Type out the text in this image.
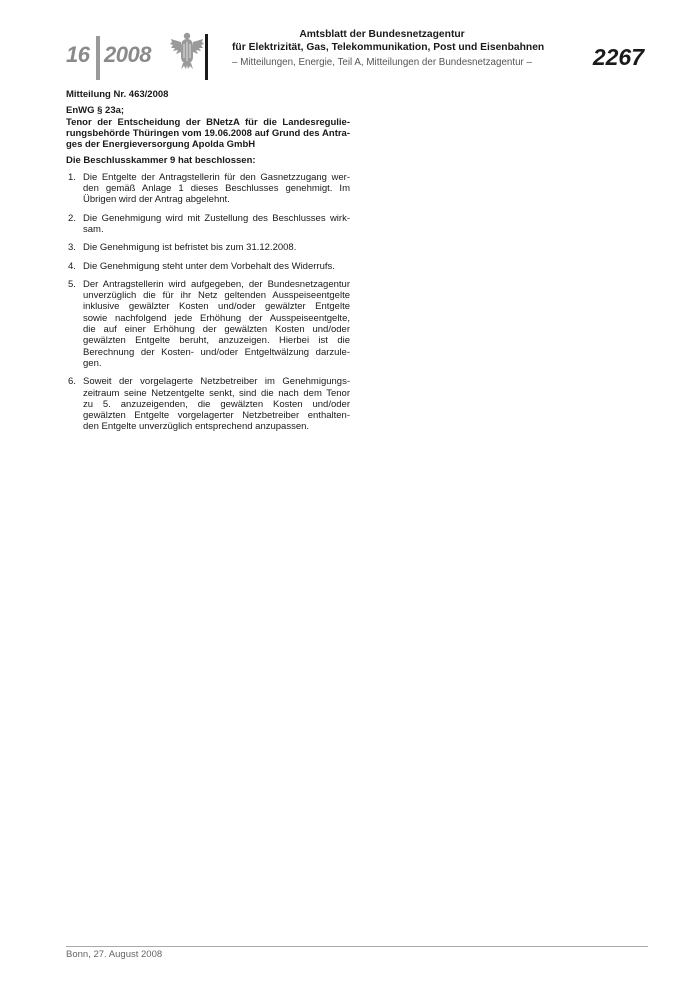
16 2008
Amtsblatt der Bundesnetzagentur
für Elektrizität, Gas, Telekommunikation, Post und Eisenbahnen
– Mitteilungen, Energie, Teil A, Mitteilungen der Bundesnetzagentur –	2267
Mitteilung Nr. 463/2008
EnWG § 23a;
Tenor der Entscheidung der BNetzA für die Landesregulie-
rungsbehörde Thüringen vom 19.06.2008 auf Grund des Antra-
ges der Energieversorgung Apolda GmbH
Die Beschlusskammer 9 hat beschlossen:
1. Die Entgelte der Antragstellerin für den Gasnetzzugang wer-
den gemäß Anlage 1 dieses Beschlusses genehmigt. Im
Übrigen wird der Antrag abgelehnt.
2. Die Genehmigung wird mit Zustellung des Beschlusses wirk-
sam.
3. Die Genehmigung ist befristet bis zum 31.12.2008.
4. Die Genehmigung steht unter dem Vorbehalt des Widerrufs.
5. Der Antragstellerin wird aufgegeben, der Bundesnetzagentur
unverzüglich die für ihr Netz geltenden Ausspeiseentgelte
inklusive gewälzter Kosten und/oder gewälzter Entgelte
sowie nachfolgend jede Erhöhung der Ausspeiseentgelte,
die auf einer Erhöhung der gewälzten Kosten und/oder
gewälzten Entgelte beruht, anzuzeigen. Hierbei ist die
Berechnung der Kosten- und/oder Entgeltwälzung darzule-
gen.
6. Soweit der vorgelagerte Netzbetreiber im Genehmigungs-
zeitraum seine Netzentgelte senkt, sind die nach dem Tenor
zu 5. anzuzeigenden, die gewälzten Kosten und/oder
gewälzten Entgelte vorgelagerter Netzbetreiber enthalten-
den Entgelte unverzüglich entsprechend anzupassen.
Bonn, 27. August 2008
